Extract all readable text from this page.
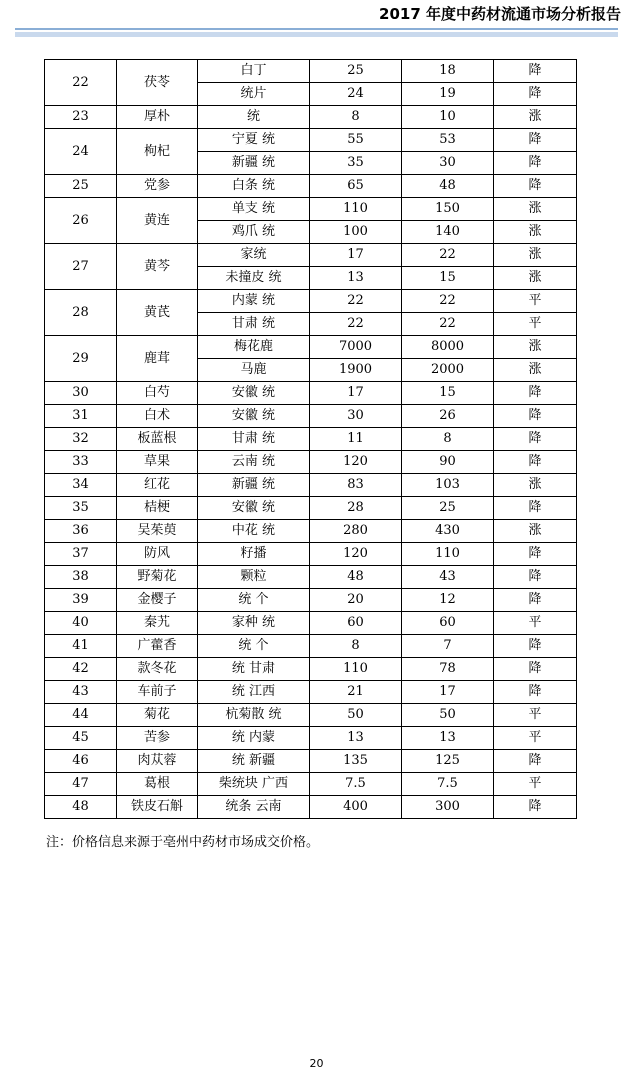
2017 年度中药材流通市场分析报告
22	茯苓	白丁	25	18	降
		统片	24	19	降
23	厚朴	统	8	10	涨
24	枸杞	宁夏 统	55	53	降
		新疆 统	35	30	降
25	党参	白条 统	65	48	降
26	黄连	单支 统	110	150	涨
		鸡爪 统	100	140	涨
27	黄芩	家统	17	22	涨
		未撞皮 统	13	15	涨
28	黄芪	内蒙 统	22	22	平
		甘肃 统	22	22	平
29	鹿茸	梅花鹿	7000	8000	涨
		马鹿	1900	2000	涨
30	白芍	安徽 统	17	15	降
31	白术	安徽 统	30	26	降
32	板蓝根	甘肃 统	11	8	降
33	草果	云南 统	120	90	降
34	红花	新疆 统	83	103	涨
35	桔梗	安徽 统	28	25	降
36	吴茱萸	中花 统	280	430	涨
37	防风	籽播	120	110	降
38	野菊花	颗粒	48	43	降
39	金樱子	统 个	20	12	降
40	秦艽	家种 统	60	60	平
41	广藿香	统 个	8	7	降
42	款冬花	统 甘肃	110	78	降
43	车前子	统 江西	21	17	降
44	菊花	杭菊散 统	50	50	平
45	苦参	统 内蒙	13	13	平
46	肉苁蓉	统 新疆	135	125	降
47	葛根	柴统块 广西	7.5	7.5	平
48	铁皮石斛	统条 云南	400	300	降
注：价格信息来源于亳州中药材市场成交价格。
20
